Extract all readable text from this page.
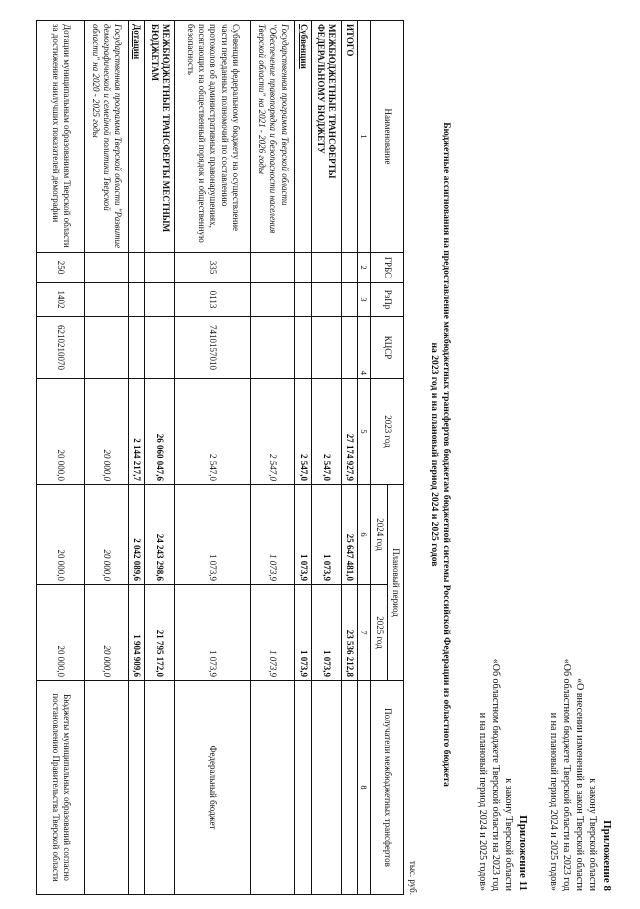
Приложение 8
к закону Тверской области
«О внесении изменений в закон Тверской области
«Об областном бюджете Тверской области на 2023 год
и на плановый период 2024 и 2025 годов»
Приложение 11
к закону Тверской области
«Об областном бюджете Тверской области на 2023 год
и на плановый период 2024 и 2025 годов»
Бюджетные ассигнования на предоставление межбюджетных трансфертов бюджетам бюджетной системы Российской Федерации из областного бюджета
на 2023 год и на плановый период 2024 и 2025 годов
тыс. руб.
Наименование	ГРБС	РзПр	КЦСР	2023 год	Плановый период		Получатели межбюджетных трансфертов
					2024 год	2025 год	
1	2	3	4	5	6	7	8
ИТОГО				27 174 927,9	25 647 481,0	23 536 212,8	
МЕЖБЮДЖЕТНЫЕ ТРАНСФЕРТЫ ФЕДЕРАЛЬНОМУ БЮДЖЕТУ				2 547,0	1 073,9	1 073,9	
Субвенции				2 547,0	1 073,9	1 073,9	
Государственная программа Тверской области "Обеспечение правопорядка и безопасности населения Тверской области" на 2021 - 2026 годы				2 547,0	1 073,9	1 073,9	
Субвенции федеральному бюджету на осуществление части переданных полномочий по составлению протоколов об административных правонарушениях, посягающих на общественный порядок и общественную безопасность	335	0113	7410157010	2 547,0	1 073,9	1 073,9	Федеральный бюджет
МЕЖБЮДЖЕТНЫЕ ТРАНСФЕРТЫ МЕСТНЫМ БЮДЖЕТАМ				26 060 047,6	24 243 298,6	21 795 172,0	
Дотации				2 144 217,7	2 042 089,6	1 904 909,6	
Государственная программа Тверской области "Развитие демографической и семейной политики Тверской области" на 2020 - 2025 годы				20 000,0	20 000,0	20 000,0	
Дотации муниципальным образованиям Тверской области за достижение наилучших показателей демографии	250	1402	6210210070	20 000,0	20 000,0	20 000,0	Бюджеты муниципальных образований согласно постановлению Правительства Тверской области
